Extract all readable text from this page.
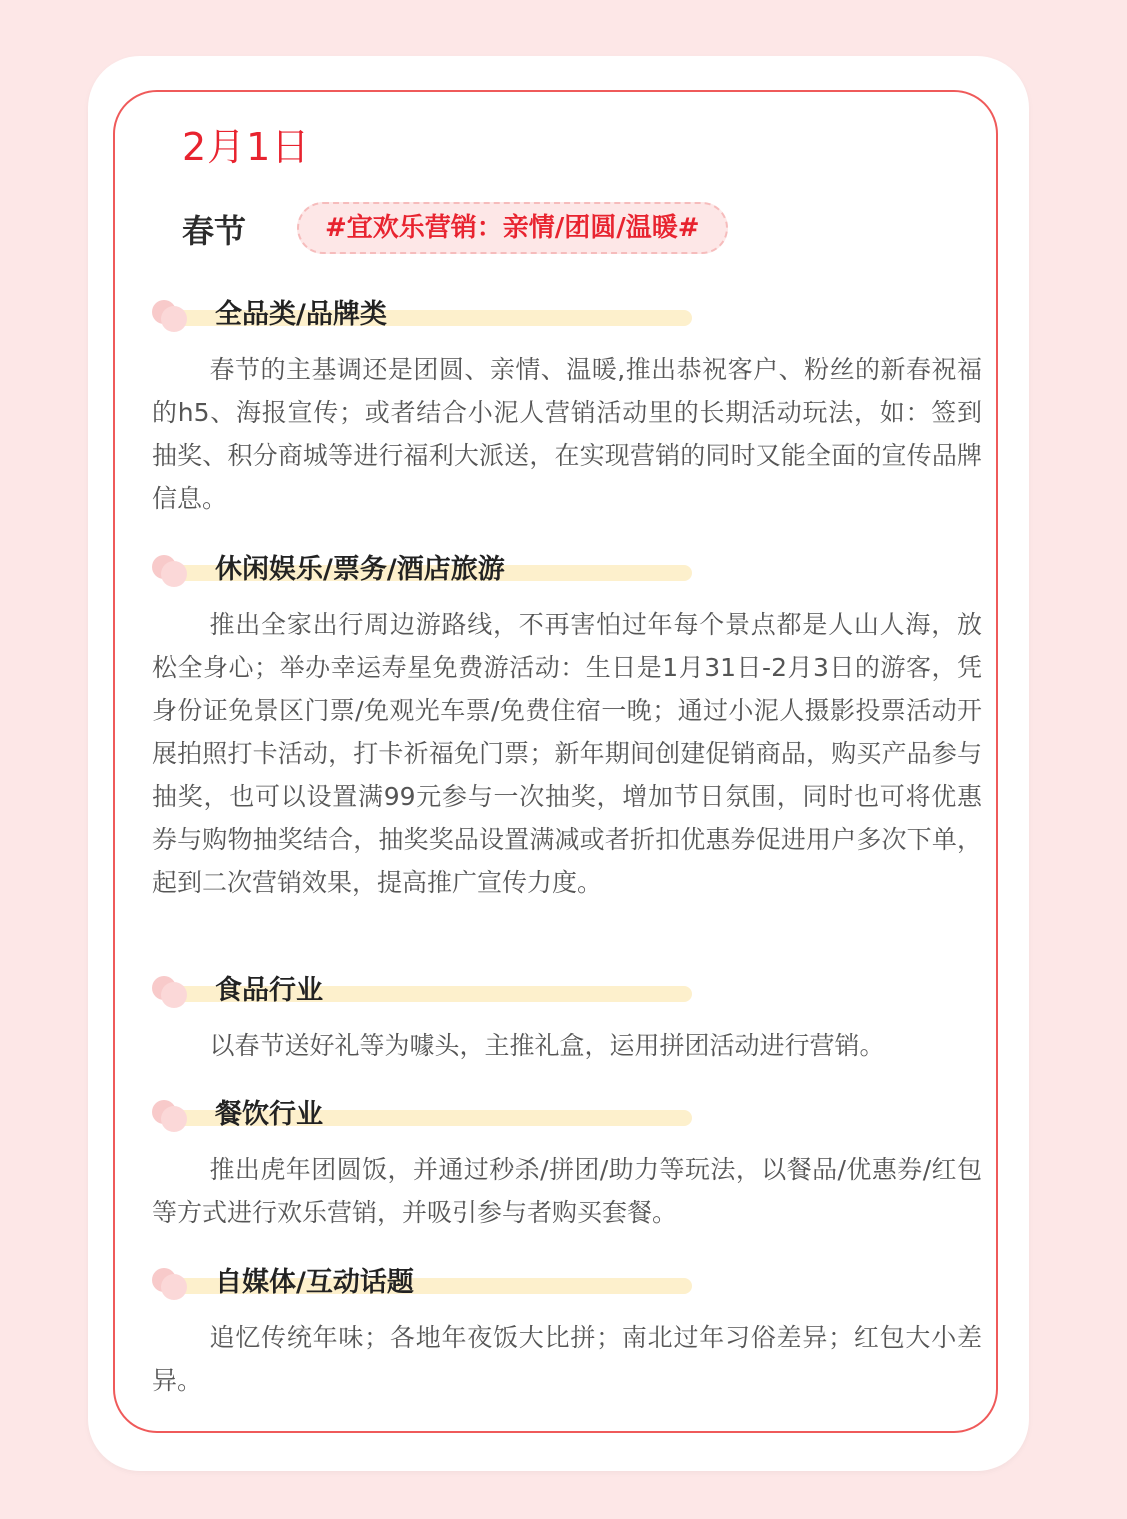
2月1日
春节	#宜欢乐营销：亲情/团圆/温暖#
全品类/品牌类

春节的主基调还是团圆、亲情、温暖,推出恭祝客户、粉丝的新春祝福的h5、海报宣传；或者结合小泥人营销活动里的长期活动玩法，如：签到抽奖、积分商城等进行福利大派送，在实现营销的同时又能全面的宣传品牌信息。

休闲娱乐/票务/酒店旅游

推出全家出行周边游路线，不再害怕过年每个景点都是人山人海，放松全身心；举办幸运寿星免费游活动：生日是1月31日-2月3日的游客，凭身份证免景区门票/免观光车票/免费住宿一晚；通过小泥人摄影投票活动开展拍照打卡活动，打卡祈福免门票；新年期间创建促销商品，购买产品参与抽奖，也可以设置满99元参与一次抽奖，增加节日氛围，同时也可将优惠券与购物抽奖结合，抽奖奖品设置满减或者折扣优惠券促进用户多次下单，起到二次营销效果，提高推广宣传力度。

食品行业

以春节送好礼等为噱头，主推礼盒，运用拼团活动进行营销。

餐饮行业

推出虎年团圆饭，并通过秒杀/拼团/助力等玩法，以餐品/优惠券/红包等方式进行欢乐营销，并吸引参与者购买套餐。

自媒体/互动话题

追忆传统年味；各地年夜饭大比拼；南北过年习俗差异；红包大小差异。
